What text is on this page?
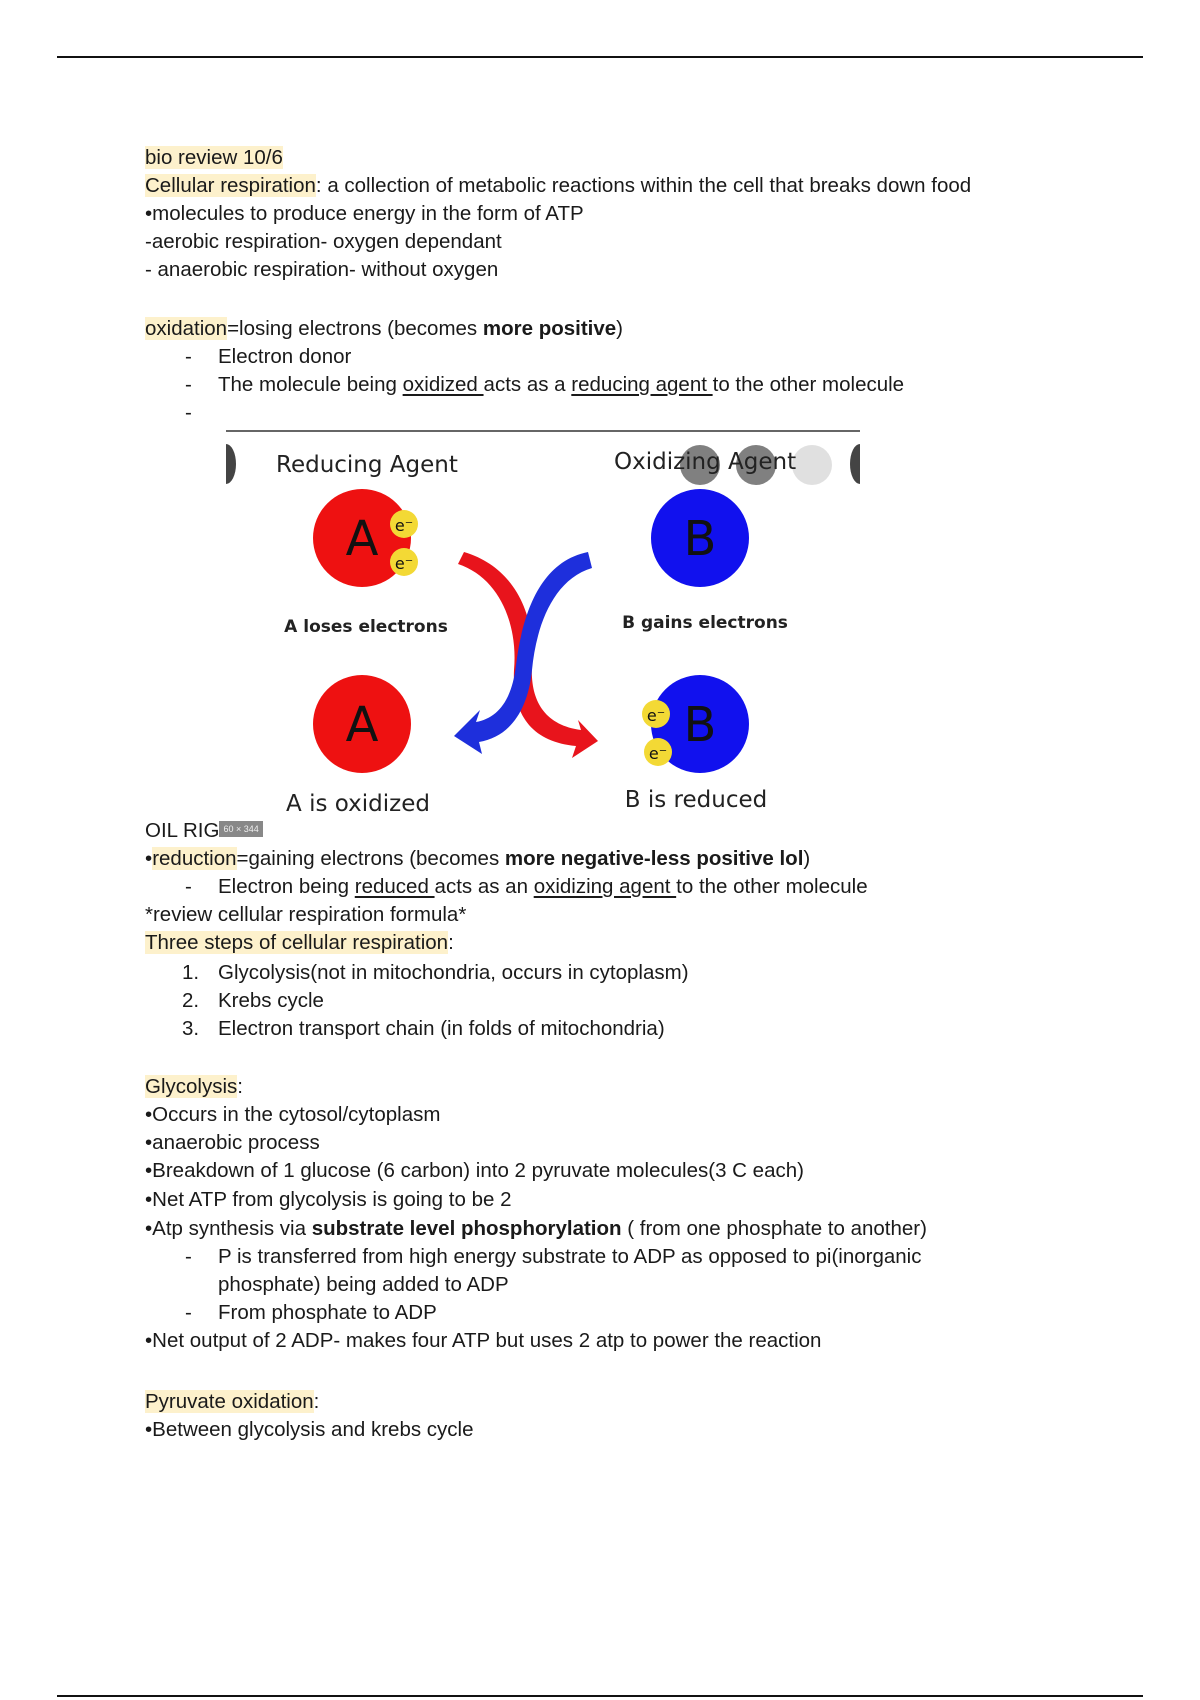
bio review 10/6
Cellular respiration: a collection of metabolic reactions within the cell that breaks down food
•molecules to produce energy in the form of ATP
-aerobic respiration- oxygen dependant
- anaerobic respiration- without oxygen
oxidation=losing electrons (becomes more positive)
- Electron donor
- The molecule being oxidized acts as a reducing agent to the other molecule
-
Reducing Agent	Oxidizing Agent
A e⁻
e⁻	B
A loses electrons	B gains electrons
A	B
e⁻
e⁻
A is oxidized	B is reduced
OIL RIG 60 × 344
•reduction=gaining electrons (becomes more negative-less positive lol)
- Electron being reduced acts as an oxidizing agent to the other molecule
*review cellular respiration formula*
Three steps of cellular respiration:
1. Glycolysis(not in mitochondria, occurs in cytoplasm)
2. Krebs cycle
3. Electron transport chain (in folds of mitochondria)
Glycolysis:
•Occurs in the cytosol/cytoplasm
•anaerobic process
•Breakdown of 1 glucose (6 carbon) into 2 pyruvate molecules(3 C each)
•Net ATP from glycolysis is going to be 2
•Atp synthesis via substrate level phosphorylation ( from one phosphate to another)
- P is transferred from high energy substrate to ADP as opposed to pi(inorganic
phosphate) being added to ADP
- From phosphate to ADP
•Net output of 2 ADP- makes four ATP but uses 2 atp to power the reaction
Pyruvate oxidation:
•Between glycolysis and krebs cycle
